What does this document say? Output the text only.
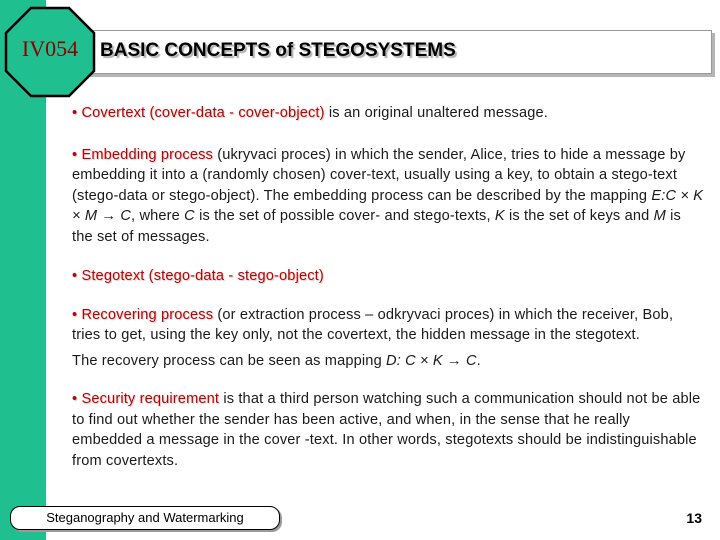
BASIC CONCEPTS of STEGOSYSTEMS
IV054

• Covertext (cover-data - cover-object) is an original unaltered message.

• Embedding process (ukryvaci proces) in which the sender, Alice, tries to hide a message by embedding it into a (randomly chosen) cover-text, usually using a key, to obtain a stego-text (stego-data or stego-object). The embedding process can be described by the mapping E:C × K × M → C, where C is the set of possible cover- and stego-texts, K is the set of keys and M is the set of messages.

• Stegotext (stego-data - stego-object)

• Recovering process (or extraction process – odkryvaci proces) in which the receiver, Bob, tries to get, using the key only, not the covertext, the hidden message in the stegotext.

The recovery process can be seen as mapping D: C × K → C.

• Security requirement is that a third person watching such a communication should not be able to find out whether the sender has been active, and when, in the sense that he really embedded a message in the cover -text. In other words, stegotexts should be indistinguishable from covertexts.

Steganography and Watermarking	13
